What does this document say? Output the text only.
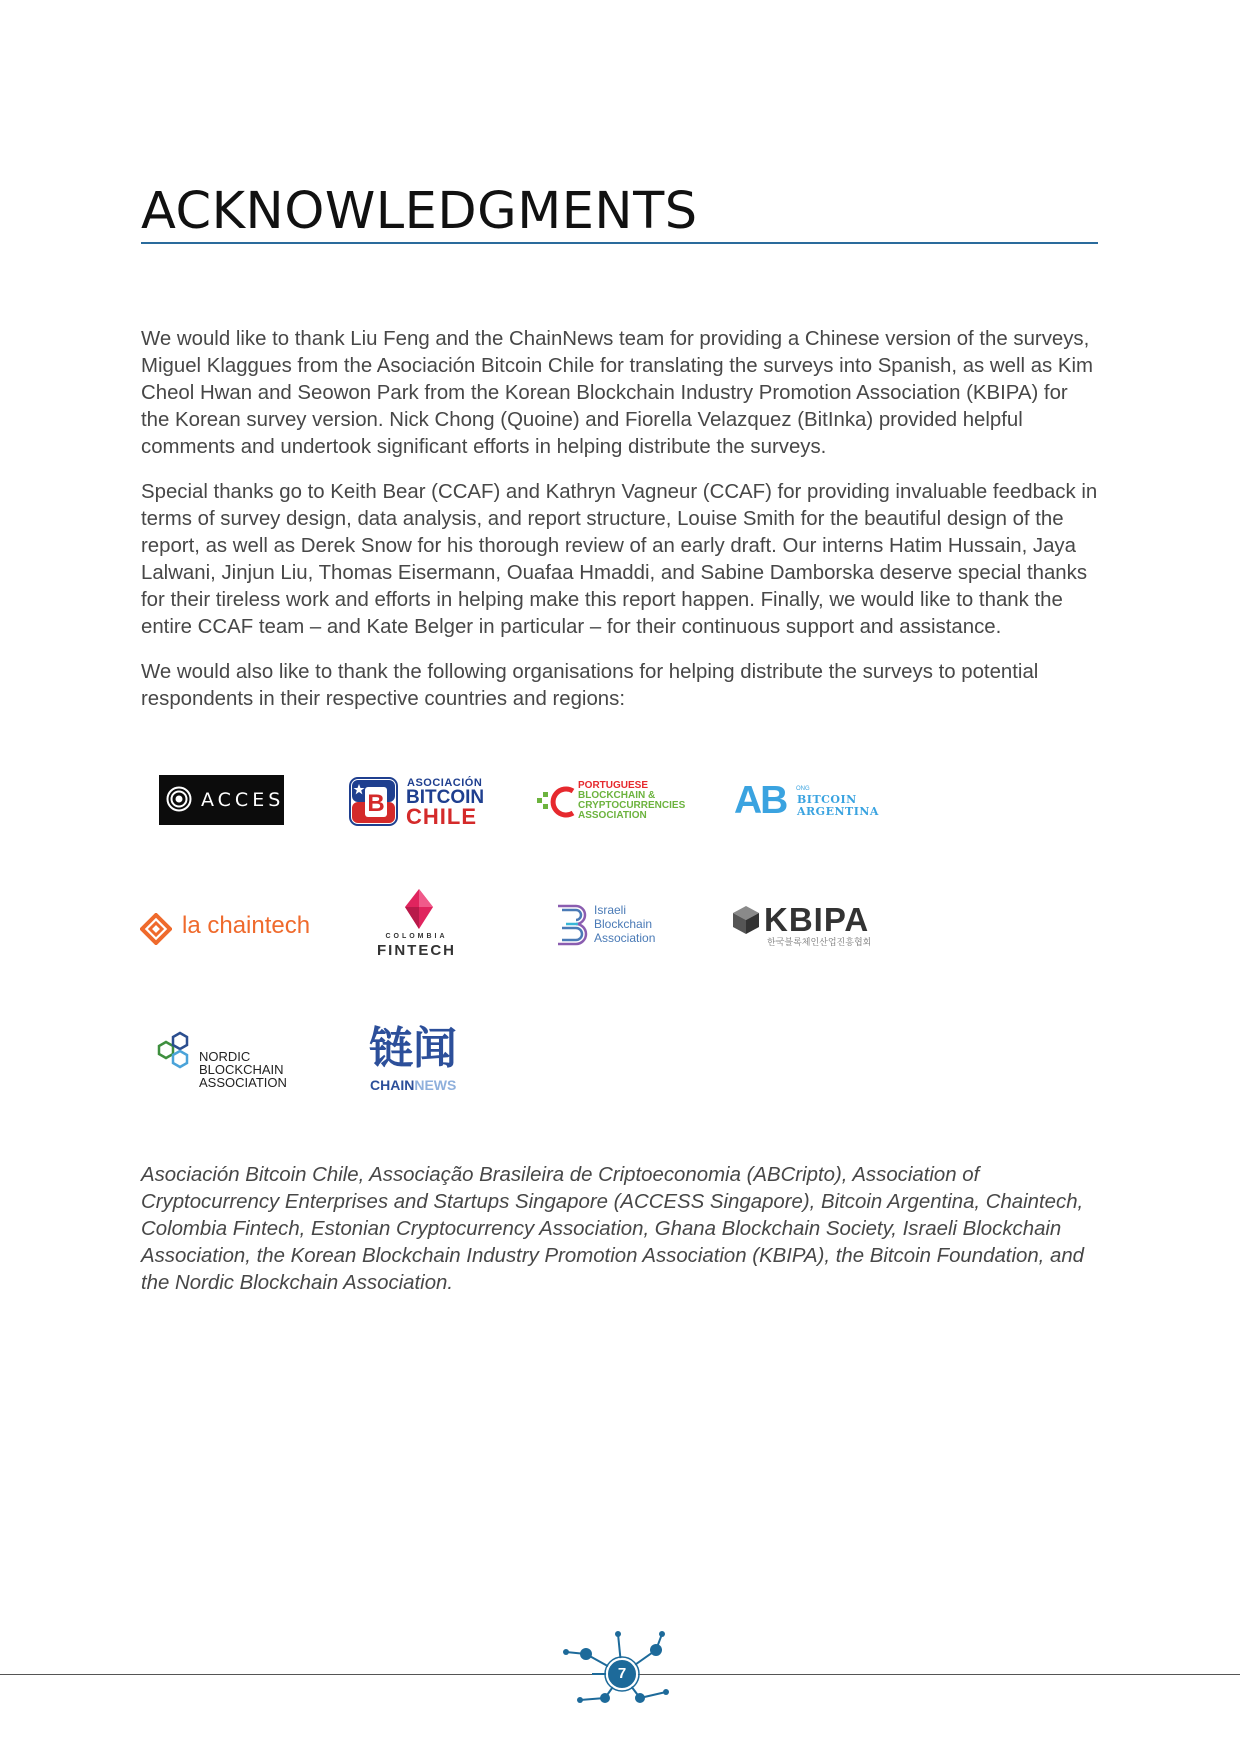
ACKNOWLEDGMENTS

We would like to thank Liu Feng and the ChainNews team for providing a Chinese version of the surveys, Miguel Klaggues from the Asociación Bitcoin Chile for translating the surveys into Spanish, as well as Kim Cheol Hwan and Seowon Park from the Korean Blockchain Industry Promotion Association (KBIPA) for the Korean survey version. Nick Chong (Quoine) and Fiorella Velazquez (BitInka) provided helpful comments and undertook significant efforts in helping distribute the surveys.

Special thanks go to Keith Bear (CCAF) and Kathryn Vagneur (CCAF) for providing invaluable feedback in terms of survey design, data analysis, and report structure, Louise Smith for the beautiful design of the report, as well as Derek Snow for his thorough review of an early draft. Our interns Hatim Hussain, Jaya Lalwani, Jinjun Liu, Thomas Eisermann, Ouafaa Hmaddi, and Sabine Damborska deserve special thanks for their tireless work and efforts in helping make this report happen. Finally, we would like to thank the entire CCAF team – and Kate Belger in particular – for their continuous support and assistance.

We would also like to thank the following organisations for helping distribute the surveys to potential respondents in their respective countries and regions:

ACCESS	B
ASOCIACIÓN
BITCOIN
CHILE
PORTUGUESE
BLOCKCHAIN &
CRYPTOCURRENCIES
ASSOCIATION AB ONG
BITCOIN
ARGENTINA
la chaintech	COLOMBIA
FINTECH
Israeli
Blockchain
Association	KBIPA
한국블록체인산업진흥협회
NORDIC
BLOCKCHAIN
ASSOCIATION
链闻
CHAINNEWS

Asociación Bitcoin Chile, Associação Brasileira de Criptoeconomia (ABCripto), Association of Cryptocurrency Enterprises and Startups Singapore (ACCESS Singapore), Bitcoin Argentina, Chaintech, Colombia Fintech, Estonian Cryptocurrency Association, Ghana Blockchain Society, Israeli Blockchain Association, the Korean Blockchain Industry Promotion Association (KBIPA), the Bitcoin Foundation, and the Nordic Blockchain Association.

7
